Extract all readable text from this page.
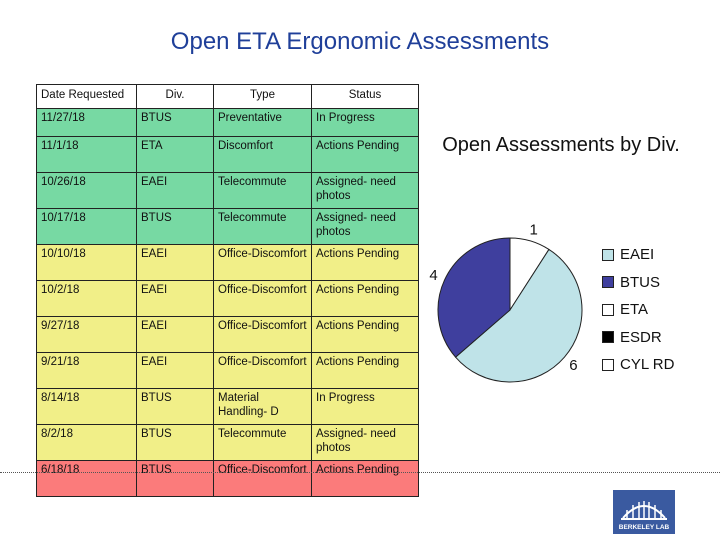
Open ETA Ergonomic Assessments
Date Requested	Div.	Type	Status
11/27/18	BTUS	Preventative	In Progress
11/1/18	ETA	Discomfort	Actions Pending
10/26/18	EAEI	Telecommute	Assigned- need photos
10/17/18	BTUS	Telecommute	Assigned- need photos
10/10/18	EAEI	Office-Discomfort	Actions Pending
10/2/18	EAEI	Office-Discomfort	Actions Pending
9/27/18	EAEI	Office-Discomfort	Actions Pending
9/21/18	EAEI	Office-Discomfort	Actions Pending
8/14/18	BTUS	Material Handling- D	In Progress
8/2/18	BTUS	Telecommute	Assigned- need photos
6/18/18	BTUS	Office-Discomfort	Actions Pending
Open Assessments by Div.
1
6
4
EAEI
BTUS
ETA
ESDR
CYL RD
BERKELEY LAB
